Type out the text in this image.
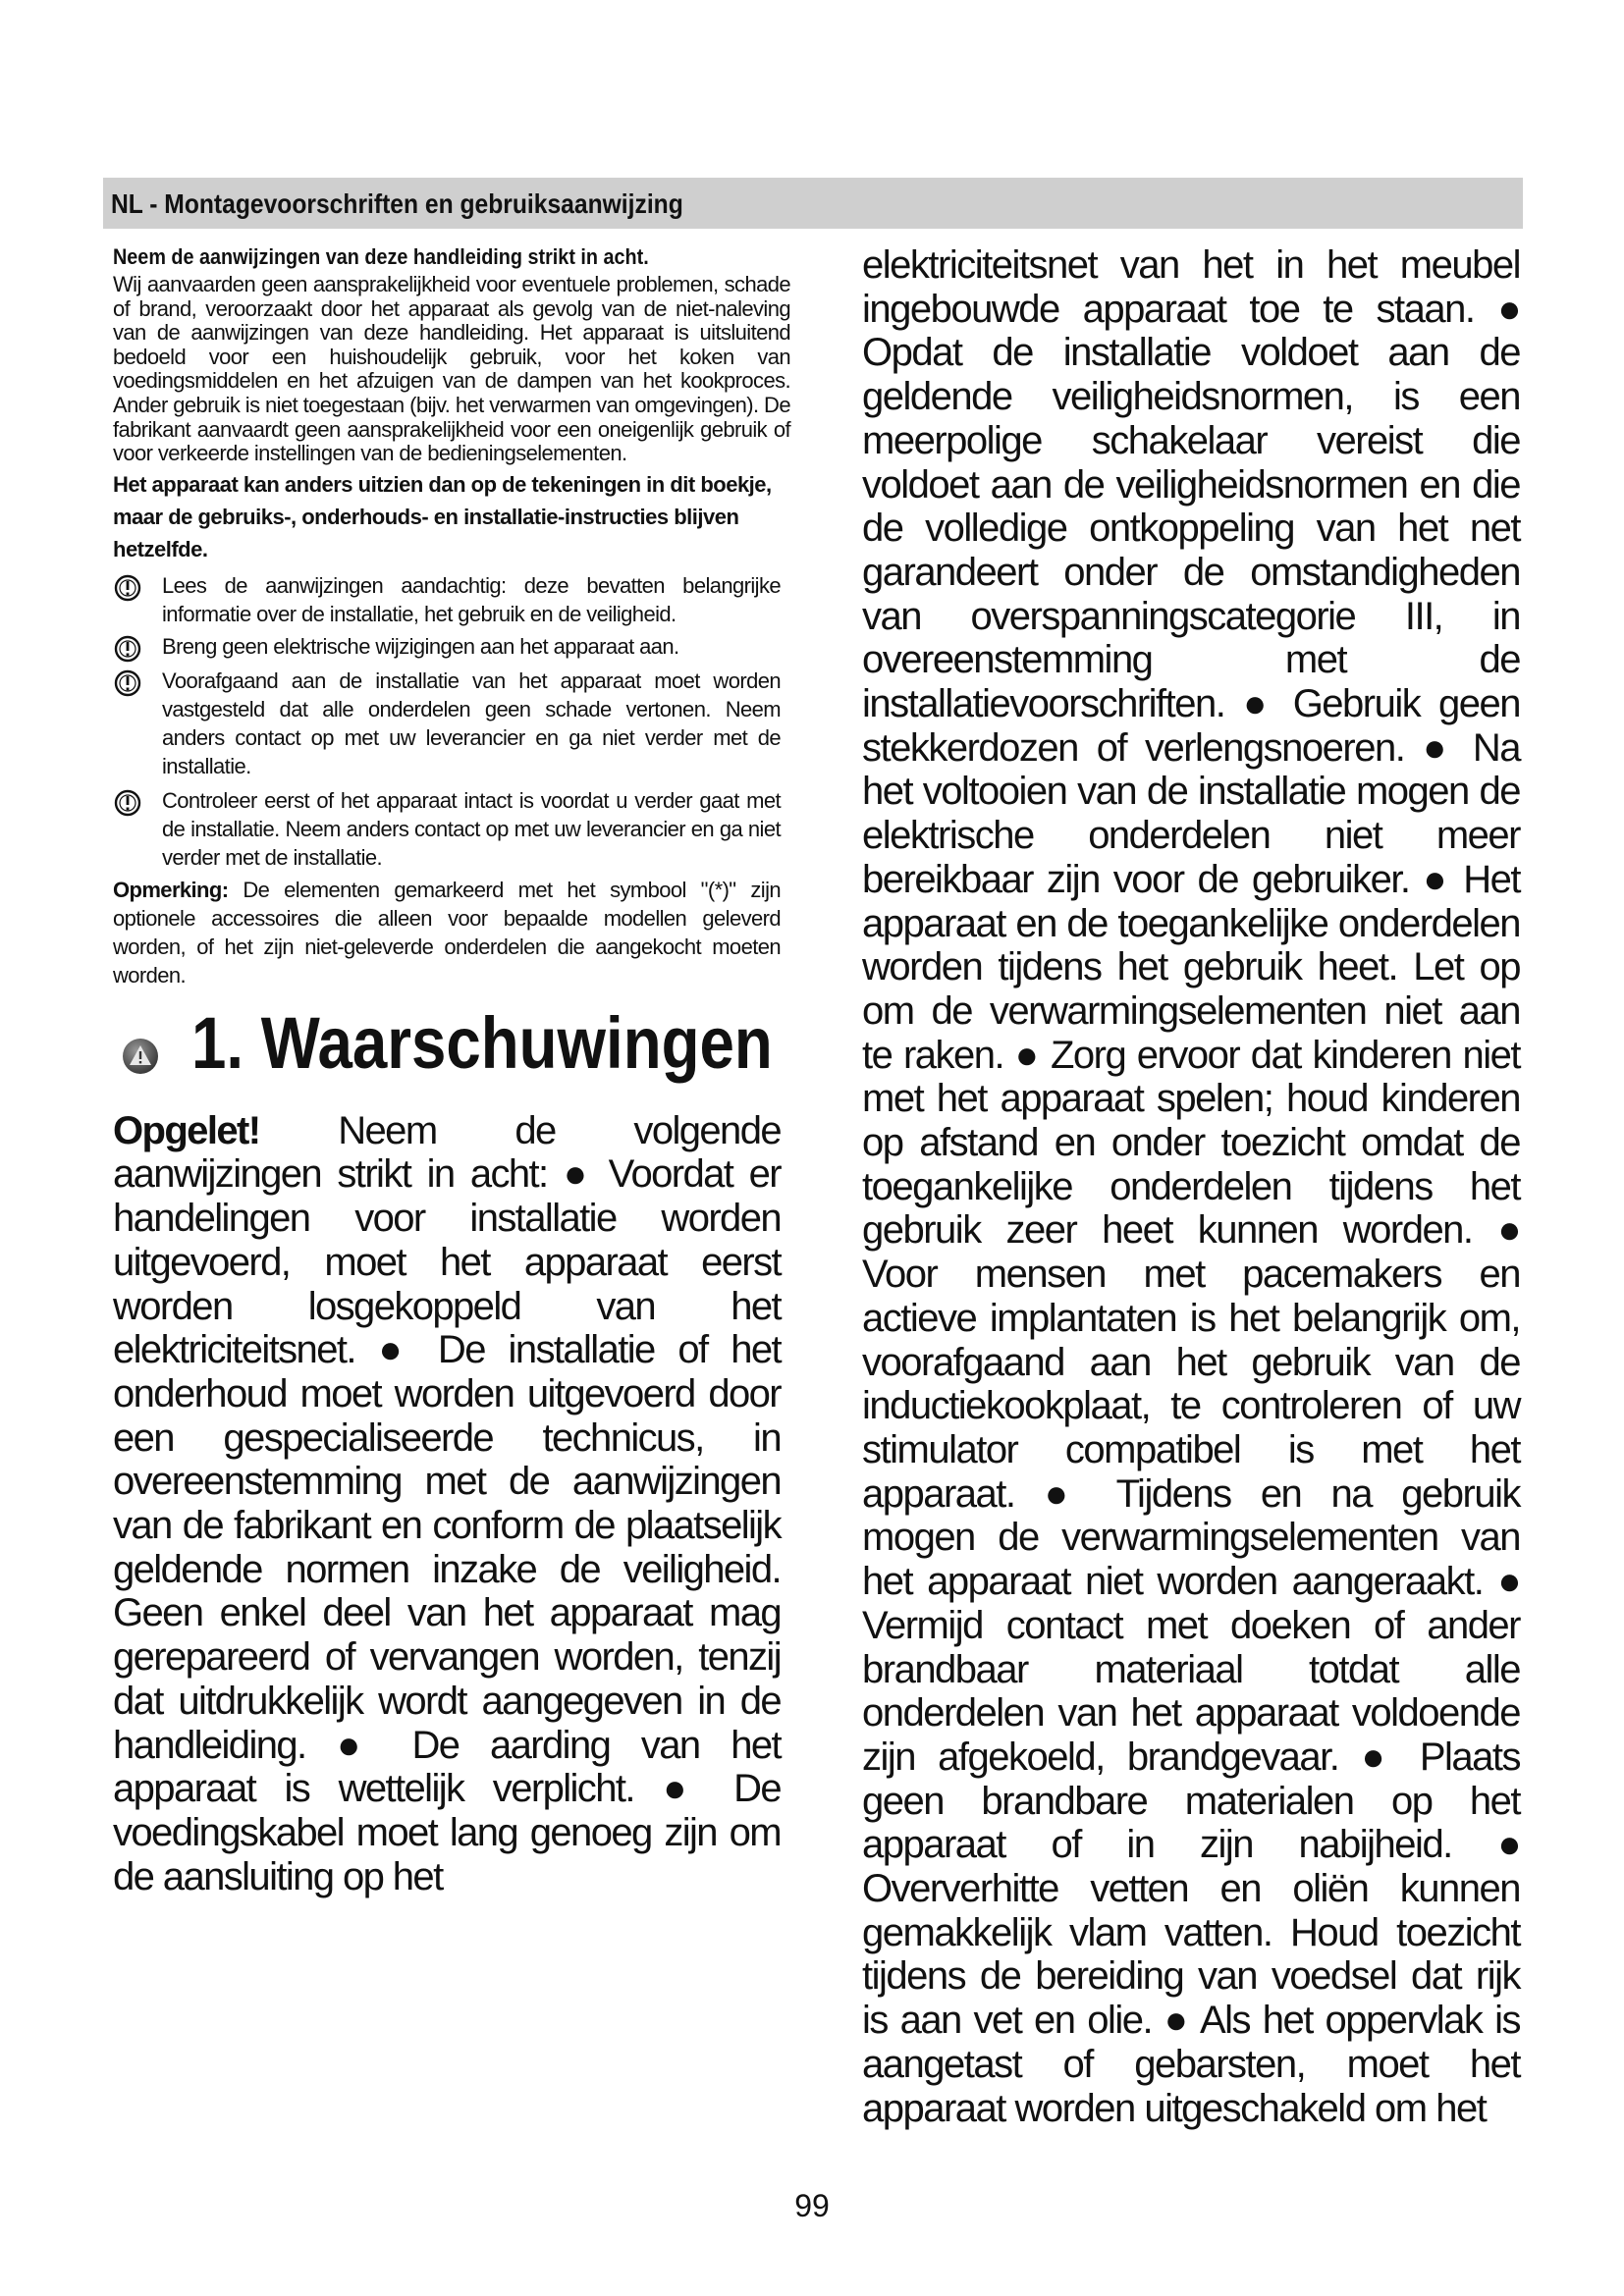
NL - Montagevoorschriften en gebruiksaanwijzing

Neem de aanwijzingen van deze handleiding strikt in acht.

Wij aanvaarden geen aansprakelijkheid voor eventuele problemen, schade of brand, veroorzaakt door het apparaat als gevolg van de niet-naleving van de aanwijzingen van deze handleiding. Het apparaat is uitsluitend bedoeld voor een huishoudelijk gebruik, voor het koken van voedingsmiddelen en het afzuigen van de dampen van het kookproces. Ander gebruik is niet toegestaan (bijv. het verwarmen van omgevingen). De fabrikant aanvaardt geen aansprakelijkheid voor een oneigenlijk gebruik of voor verkeerde instellingen van de bedieningselementen.

Het apparaat kan anders uitzien dan op de tekeningen in dit boekje, maar de gebruiks-, onderhouds- en installatie-instructies blijven hetzelfde.

Lees de aanwijzingen aandachtig: deze bevatten belangrijke informatie over de installatie, het gebruik en de veiligheid.
Breng geen elektrische wijzigingen aan het apparaat aan.
Voorafgaand aan de installatie van het apparaat moet worden vastgesteld dat alle onderdelen geen schade vertonen. Neem anders contact op met uw leverancier en ga niet verder met de installatie.
Controleer eerst of het apparaat intact is voordat u verder gaat met de installatie. Neem anders contact op met uw leverancier en ga niet verder met de installatie.

Opmerking: De elementen gemarkeerd met het symbool "(*)" zijn optionele accessoires die alleen voor bepaalde modellen geleverd worden, of het zijn niet-geleverde onderdelen die aangekocht moeten worden.

1. Waarschuwingen

Opgelet! Neem de volgende aanwijzingen strikt in acht: ● Voordat er handelingen voor installatie worden uitgevoerd, moet het apparaat eerst worden losgekoppeld van het elektriciteitsnet. ● De installatie of het onderhoud moet worden uitgevoerd door een gespecialiseerde technicus, in overeenstemming met de aanwijzingen van de fabrikant en conform de plaatselijk geldende normen inzake de veiligheid. Geen enkel deel van het apparaat mag gerepareerd of vervangen worden, tenzij dat uitdrukkelijk wordt aangegeven in de handleiding. ● De aarding van het apparaat is wettelijk verplicht. ● De voedingskabel moet lang genoeg zijn om de aansluiting op het

elektriciteitsnet van het in het meubel ingebouwde apparaat toe te staan. ● Opdat de installatie voldoet aan de geldende veiligheidsnormen, is een meerpolige schakelaar vereist die voldoet aan de veiligheidsnormen en die de volledige ontkoppeling van het net garandeert onder de omstandigheden van overspanningscategorie III, in overeenstemming met de installatievoorschriften. ● Gebruik geen stekkerdozen of verlengsnoeren. ● Na het voltooien van de installatie mogen de elektrische onderdelen niet meer bereikbaar zijn voor de gebruiker. ● Het apparaat en de toegankelijke onderdelen worden tijdens het gebruik heet. Let op om de verwarmingselementen niet aan te raken. ● Zorg ervoor dat kinderen niet met het apparaat spelen; houd kinderen op afstand en onder toezicht omdat de toegankelijke onderdelen tijdens het gebruik zeer heet kunnen worden. ● Voor mensen met pacemakers en actieve implantaten is het belangrijk om, voorafgaand aan het gebruik van de inductiekookplaat, te controleren of uw stimulator compatibel is met het apparaat. ● Tijdens en na gebruik mogen de verwarmingselementen van het apparaat niet worden aangeraakt. ● Vermijd contact met doeken of ander brandbaar materiaal totdat alle onderdelen van het apparaat voldoende zijn afgekoeld, brandgevaar. ● Plaats geen brandbare materialen op het apparaat of in zijn nabijheid. ● Oververhitte vetten en oliën kunnen gemakkelijk vlam vatten. Houd toezicht tijdens de bereiding van voedsel dat rijk is aan vet en olie. ● Als het oppervlak is aangetast of gebarsten, moet het apparaat worden uitgeschakeld om het

99
